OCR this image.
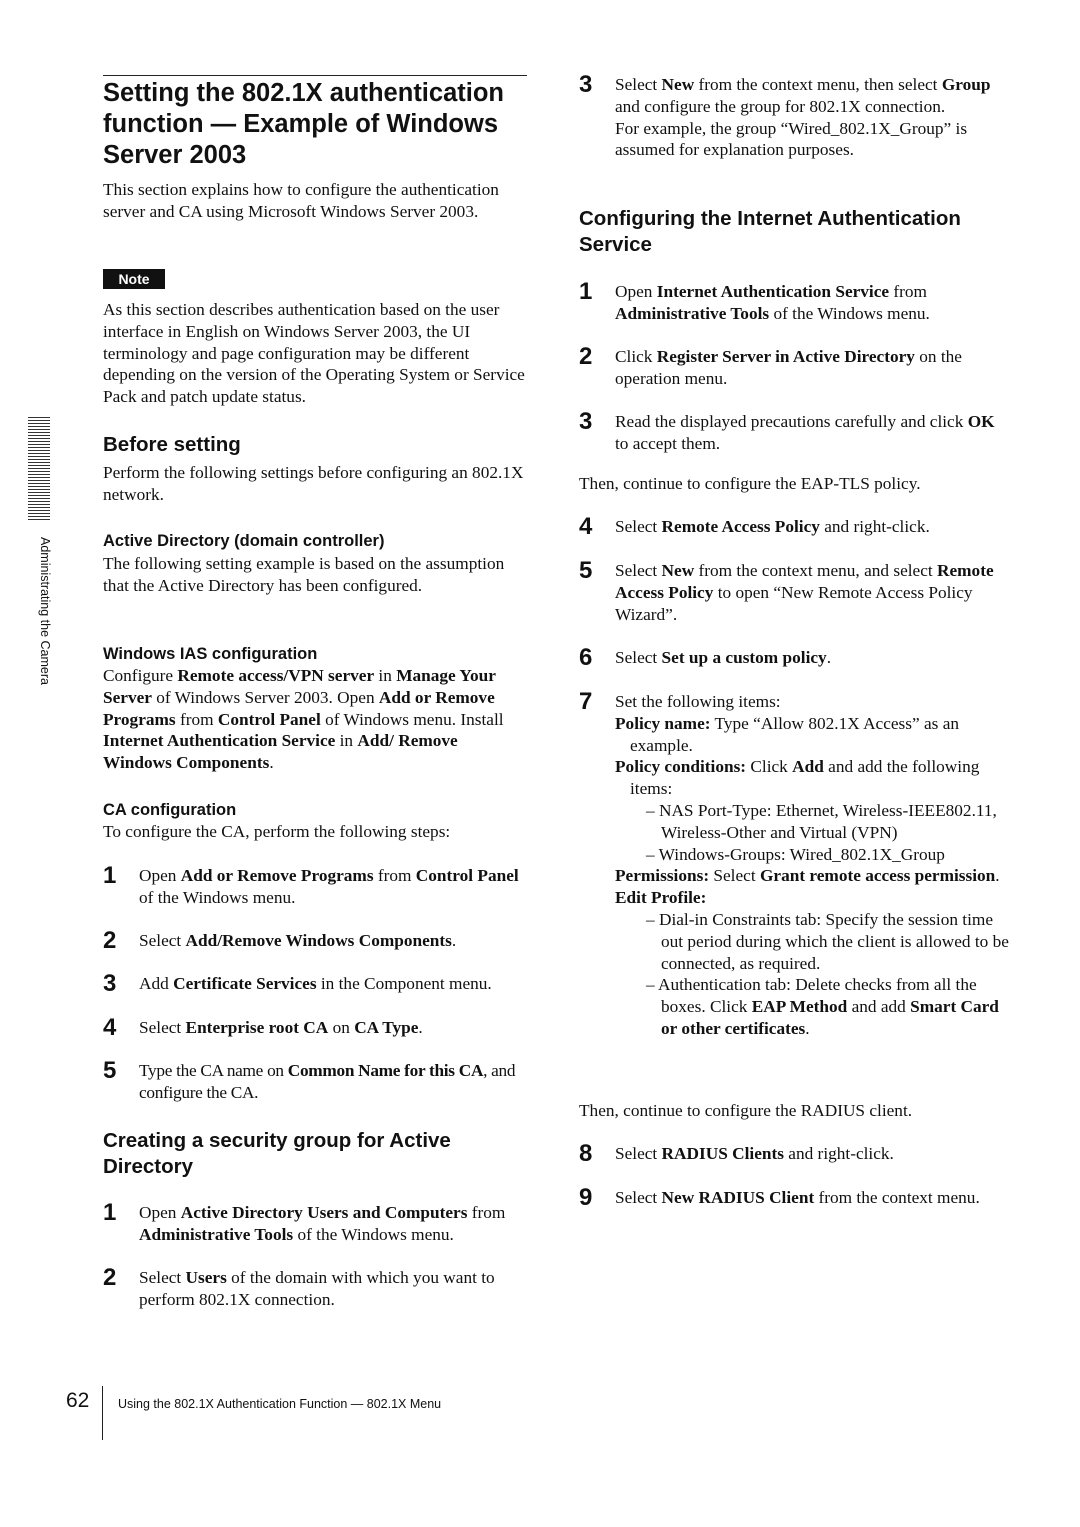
Administrating the Camera
Setting the 802.1X authentication function — Example of Windows Server 2003

This section explains how to configure the authentication server and CA using Microsoft Windows Server 2003.

Note

As this section describes authentication based on the user interface in English on Windows Server 2003, the UI terminology and page configuration may be different depending on the version of the Operating System or Service Pack and patch update status.

Before setting

Perform the following settings before configuring an 802.1X network.

Active Directory (domain controller)

The following setting example is based on the assumption that the Active Directory has been configured.

Windows IAS configuration

Configure Remote access/VPN server in Manage Your Server of Windows Server 2003. Open Add or Remove Programs from Control Panel of Windows menu. Install Internet Authentication Service in Add/ Remove Windows Components.

CA configuration

To configure the CA, perform the following steps:

1 Open Add or Remove Programs from Control Panel of the Windows menu.
2 Select Add/Remove Windows Components.
3 Add Certificate Services in the Component menu.
4 Select Enterprise root CA on CA Type.
5 Type the CA name on Common Name for this CA, and configure the CA.
Creating a security group for Active Directory
1 Open Active Directory Users and Computers from Administrative Tools of the Windows menu.
2 Select Users of the domain with which you want to perform 802.1X connection.
3 Select New from the context menu, then select Group and configure the group for 802.1X connection.
For example, the group “Wired_802.1X_Group” is assumed for explanation purposes.
Configuring the Internet Authentication Service
1 Open Internet Authentication Service from Administrative Tools of the Windows menu.
2 Click Register Server in Active Directory on the operation menu.
3 Read the displayed precautions carefully and click OK to accept them.

Then, continue to configure the EAP-TLS policy.

4 Select Remote Access Policy and right-click.
5 Select New from the context menu, and select Remote Access Policy to open “New Remote Access Policy Wizard”.
6 Select Set up a custom policy.
7 Set the following items:
Policy name: Type “Allow 802.1X Access” as an example.
Policy conditions: Click Add and add the following items:
– NAS Port-Type: Ethernet, Wireless-IEEE802.11, Wireless-Other and Virtual (VPN)
– Windows-Groups: Wired_802.1X_Group
Permissions: Select Grant remote access permission.
Edit Profile:
– Dial-in Constraints tab: Specify the session time out period during which the client is allowed to be connected, as required.
– Authentication tab: Delete checks from all the boxes. Click EAP Method and add Smart Card or other certificates.

Then, continue to configure the RADIUS client.

8 Select RADIUS Clients and right-click.
9 Select New RADIUS Client from the context menu.
62 Using the 802.1X Authentication Function — 802.1X Menu
